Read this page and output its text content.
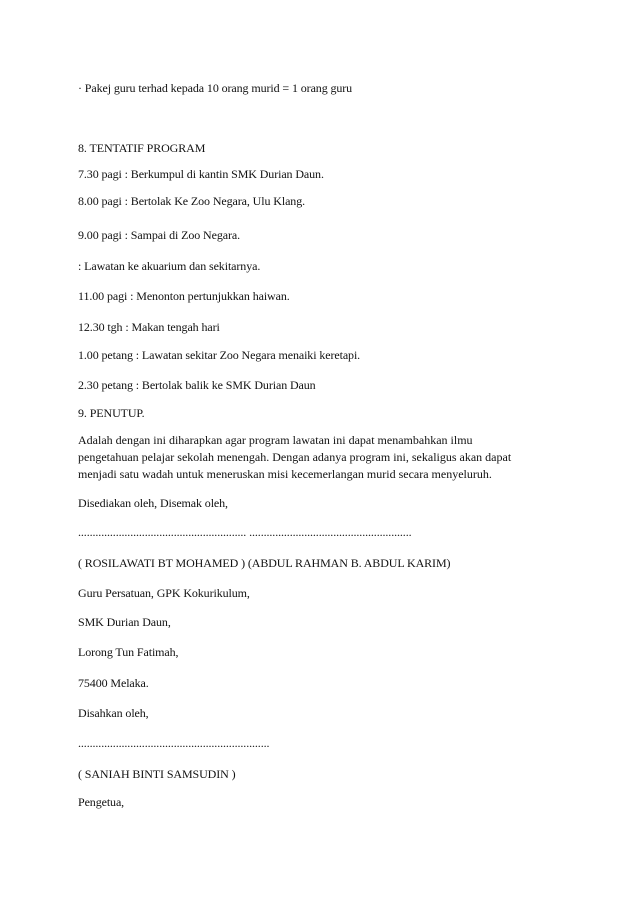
· Pakej guru terhad kepada 10 orang murid = 1 orang guru
8. TENTATIF PROGRAM
7.30 pagi : Berkumpul di kantin SMK Durian Daun.
8.00 pagi : Bertolak Ke Zoo Negara, Ulu Klang.
9.00 pagi : Sampai di Zoo Negara.
: Lawatan ke akuarium dan sekitarnya.
11.00 pagi : Menonton pertunjukkan haiwan.
12.30 tgh : Makan tengah hari
1.00 petang : Lawatan sekitar Zoo Negara menaiki keretapi.
2.30 petang : Bertolak balik ke SMK Durian Daun
9. PENUTUP.
Adalah dengan ini diharapkan agar program lawatan ini dapat menambahkan ilmu
pengetahuan pelajar sekolah menengah. Dengan adanya program ini, sekaligus akan dapat
menjadi satu wadah untuk meneruskan misi kecemerlangan murid secara menyeluruh.
Disediakan oleh, Disemak oleh,
.......................................................... ........................................................
( ROSILAWATI BT MOHAMED ) (ABDUL RAHMAN B. ABDUL KARIM)
Guru Persatuan, GPK Kokurikulum,
SMK Durian Daun,
Lorong Tun Fatimah,
75400 Melaka.
Disahkan oleh,
..................................................................
( SANIAH BINTI SAMSUDIN )
Pengetua,
